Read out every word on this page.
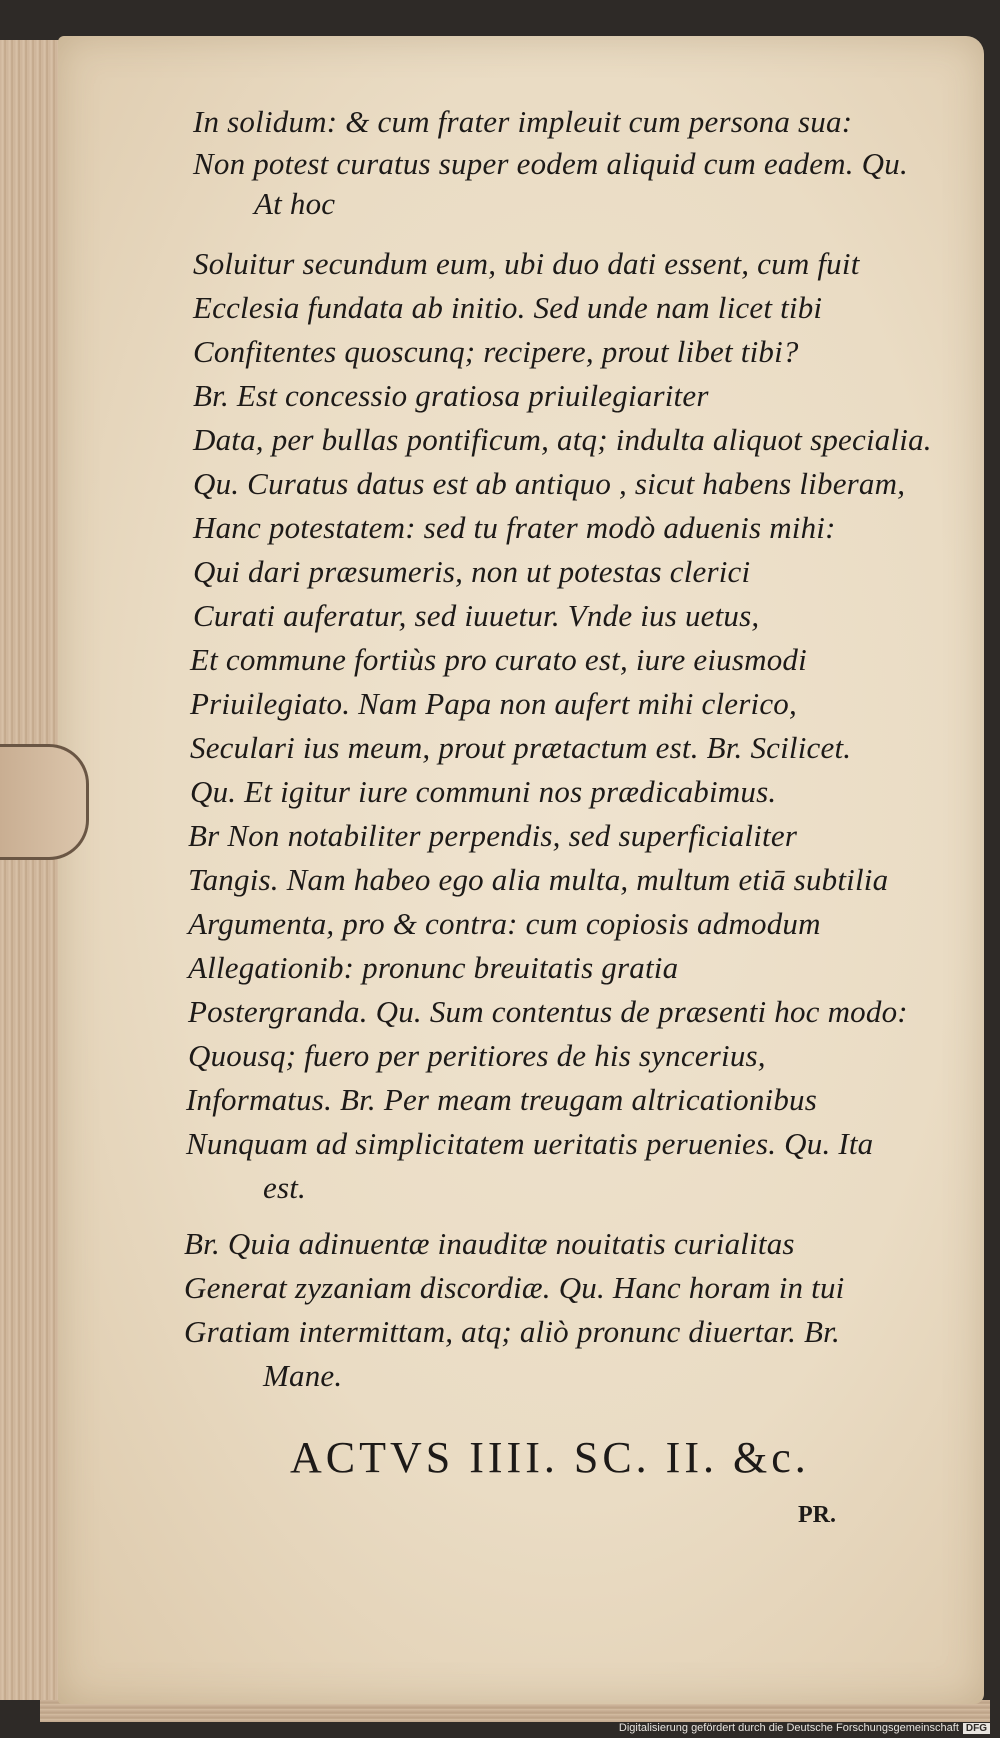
In solidum: & cum frater impleuit cum persona sua:
Non potest curatus super eodem aliquid cum eadem. Qu.
At hoc
Soluitur secundum eum, ubi duo dati essent, cum fuit
Ecclesia fundata ab initio. Sed unde nam licet tibi
Confitentes quoscunq; recipere, prout libet tibi?
Br. Est concessio gratiosa priuilegiariter
Data, per bullas pontificum, atq; indulta aliquot specialia.
Qu. Curatus datus est ab antiquo , sicut habens liberam,
Hanc potestatem: sed tu frater modò aduenis mihi:
Qui dari præsumeris, non ut potestas clerici
Curati auferatur, sed iuuetur. Vnde ius uetus,
Et commune fortiùs pro curato est, iure eiusmodi
Priuilegiato. Nam Papa non aufert mihi clerico,
Seculari ius meum, prout prætactum est. Br. Scilicet.
Qu. Et igitur iure communi nos prædicabimus.
Br Non notabiliter perpendis, sed superficialiter
Tangis. Nam habeo ego alia multa, multum etiā subtilia
Argumenta, pro & contra: cum copiosis admodum
Allegationib: pronunc breuitatis gratia
Postergranda. Qu. Sum contentus de præsenti hoc modo:
Quousq; fuero per peritiores de his syncerius,
Informatus. Br. Per meam treugam altricationibus
Nunquam ad simplicitatem ueritatis peruenies. Qu. Ita
est.
Br. Quia adinuentæ inauditæ nouitatis curialitas
Generat zyzaniam discordiæ. Qu. Hanc horam in tui
Gratiam intermittam, atq; aliò pronunc diuertar. Br.
Mane.
ACTVS IIII. SC. II. &c.
PR.
Digitalisierung gefördert durch die Deutsche Forschungsgemeinschaft DFG
